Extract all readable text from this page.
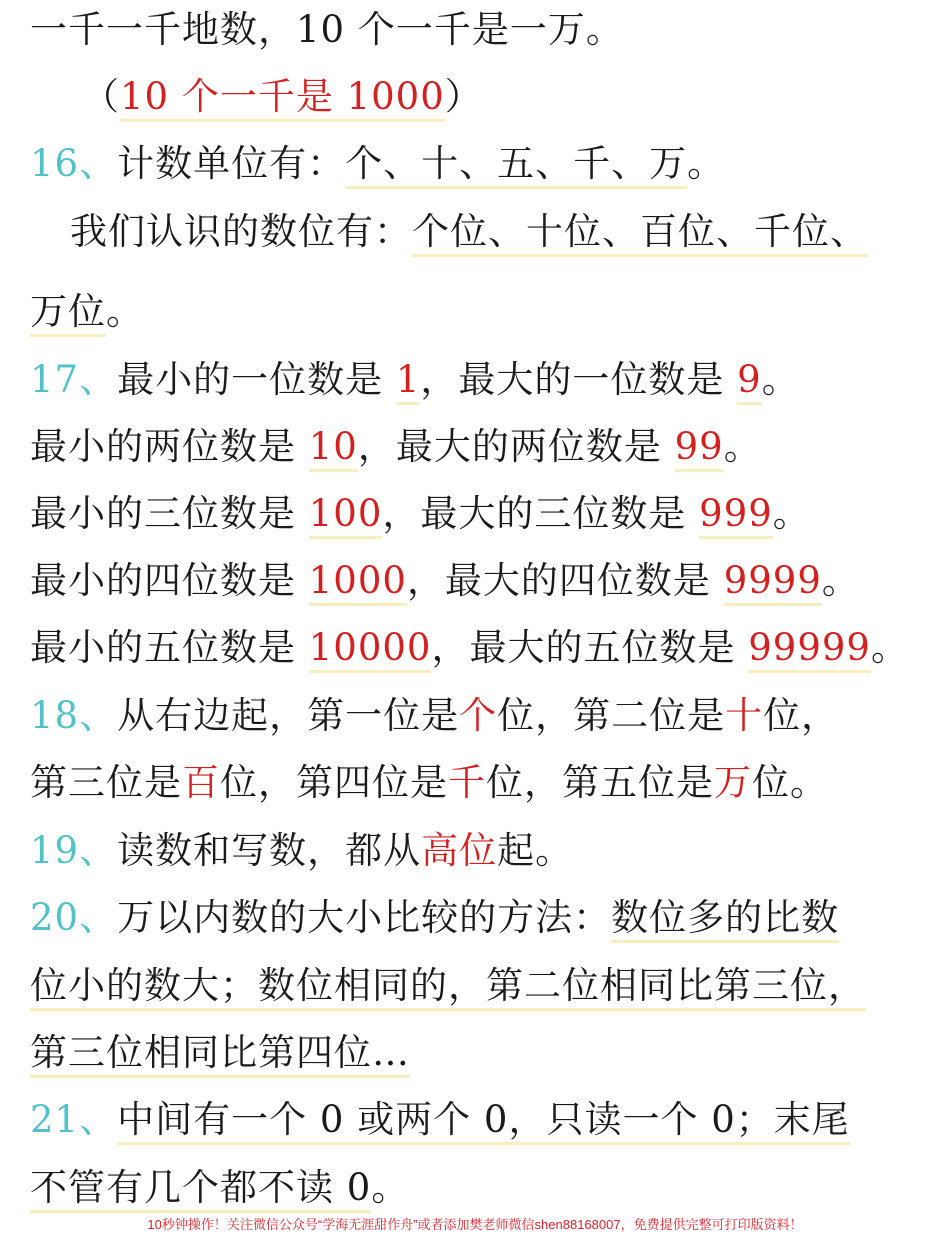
一千一千地数，10 个一千是一万。
（10 个一千是 1000）
16、计数单位有：个、十、五、千、万。
我们认识的数位有：个位、十位、百位、千位、
万位。
17、最小的一位数是 1，最大的一位数是 9。
最小的两位数是 10，最大的两位数是 99。
最小的三位数是 100，最大的三位数是 999。
最小的四位数是 1000，最大的四位数是 9999。
最小的五位数是 10000，最大的五位数是 99999。
18、从右边起，第一位是个位，第二位是十位，
第三位是百位，第四位是千位，第五位是万位。
19、读数和写数，都从高位起。
20、万以内数的大小比较的方法：数位多的比数
位小的数大；数位相同的，第二位相同比第三位，
第三位相同比第四位…
21、中间有一个 0 或两个 0，只读一个 0；末尾
不管有几个都不读 0。
10秒钟操作！关注微信公众号“学海无涯甜作舟”或者添加樊老师微信shen88168007，免费提供完整可打印版资料！
